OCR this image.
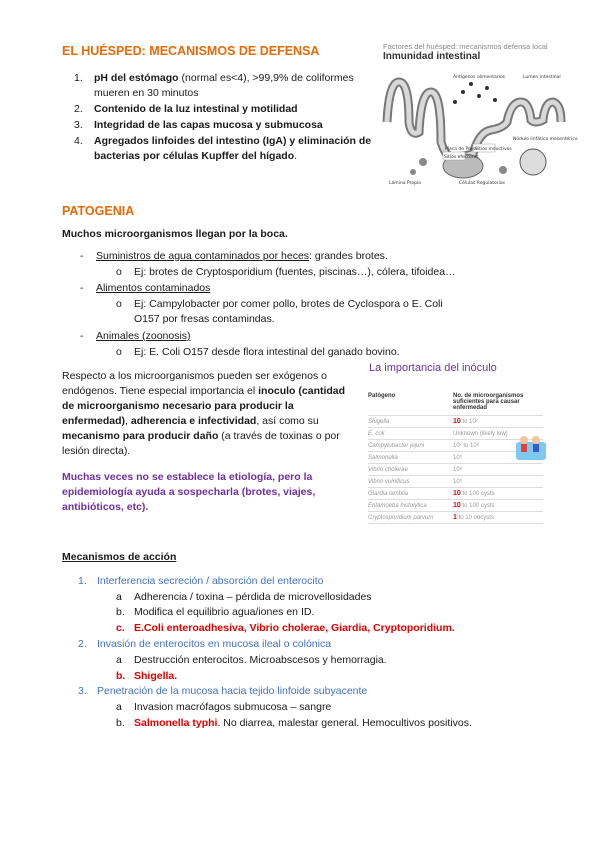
EL HUÉSPED: MECANISMOS DE DEFENSA
1. pH del estómago (normal es<4), >99,9% de coliformes mueren en 30 minutos
2. Contenido de la luz intestinal y motilidad
3. Integridad de las capas mucosa y submucosa
4. Agregados linfoides del intestino (IgA) y eliminación de bacterias por células Kupffer del hígado.
Factores del huésped: mecanismos defensa local
Inmunidad intestinal
Lumen intestinal
Antígenos alimentarios
Sitios inductivos
Sitios efectores
Placa de Peyer
Lámina Propia	Células Regulatorias
Nódulo linfático mesentérico
PATOGENIA
Muchos microorganismos llegan por la boca.
- Suministros de agua contaminados por heces: grandes brotes.
o Ej: brotes de Cryptosporidium (fuentes, piscinas…), cólera, tifoidea…
- Alimentos contaminados
o Ej: Campylobacter por comer pollo, brotes de Cyclospora o E. Coli O157 por fresas contamindas.
- Animales (zoonosis)
o Ej: E. Coli O157 desde flora intestinal del ganado bovino.
Respecto a los microorganismos pueden ser exógenos o endógenos. Tiene especial importancia el inoculo (cantidad de microorganismo necesario para producir la enfermedad), adherencia e infectividad, así como su mecanismo para producir daño (a través de toxinas o por lesión directa).
Muchas veces no se establece la etiología, pero la epidemiología ayuda a sospecharla (brotes, viajes, antibióticos, etc).
La importancia del inóculo
Patógeno	No. de microorganismos suficientes para causar enfermedad
Shigella	10 to 10²
E. coli	Unknown (likely low)
Campylobacter jejuni	10² to 10⁶
Salmonella	10⁵
Vibrio cholerae	10⁸
Vibrio vulnificus	10⁵
Giardia lamblia	10 to 100 cysts
Entamoeba histolytica	10 to 100 cysts
Cryptosporidium parvum	1 to 10 oocysts
Mecanismos de acción
1. Interferencia secreción / absorción del enterocito
a Adherencia / toxina – pérdida de microvellosidades
b. Modifica el equilibrio agua/iones en ID.
c. E.Coli enteroadhesiva, Vibrio cholerae, Giardia, Cryptoporidium.
2. Invasión de enterocitos en mucosa ileal o colónica
a Destrucción enterocitos. Microabscesos y hemorragia.
b. Shigella.
3. Penetración de la mucosa hacia tejido linfoide subyacente
a Invasion macrófagos submucosa – sangre
b. Salmonella typhi. No diarrea, malestar general. Hemocultivos positivos.
